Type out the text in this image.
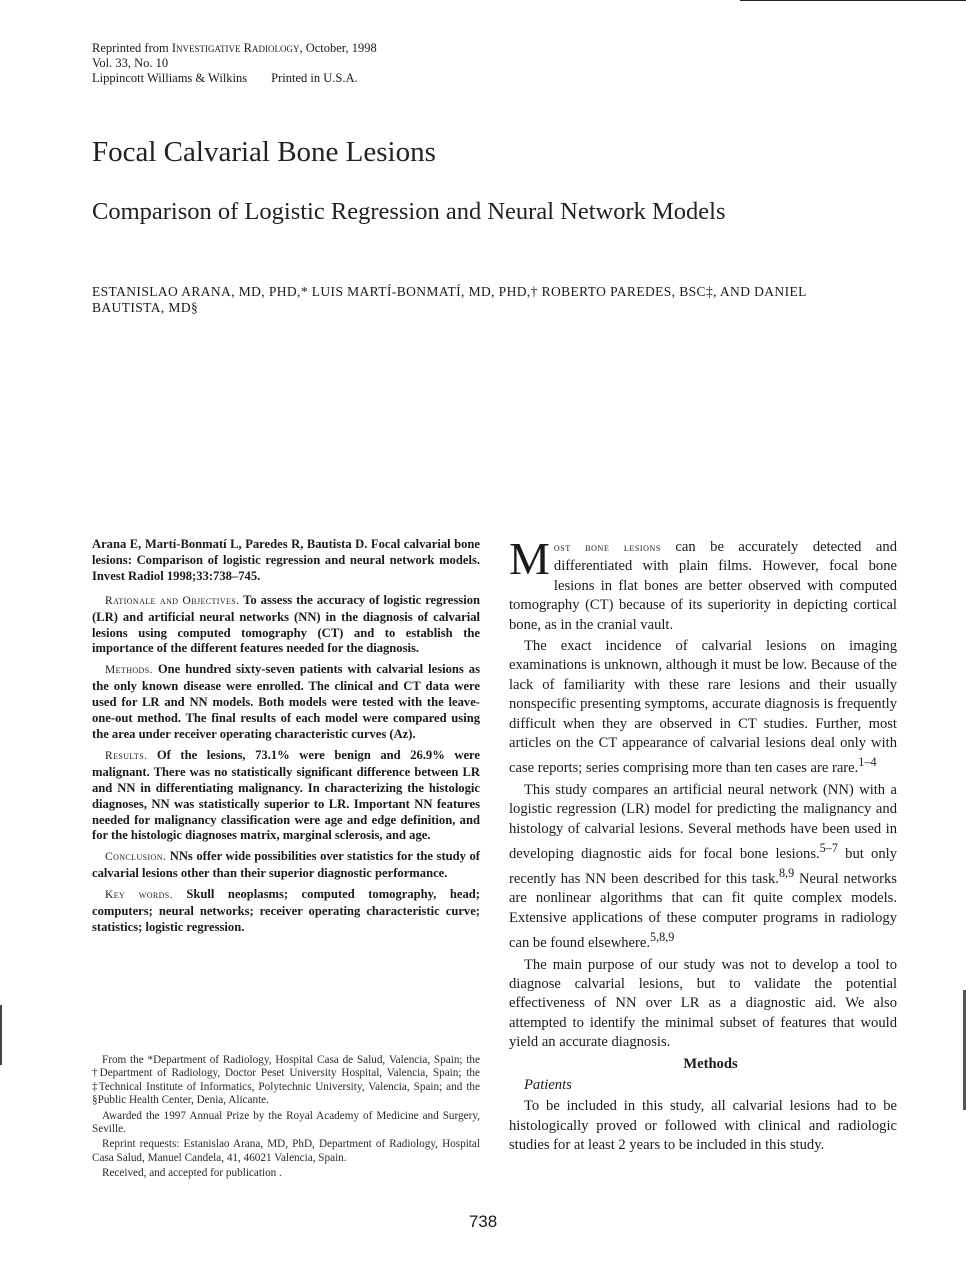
Reprinted from Investigative Radiology, October, 1998
Vol. 33, No. 10
Lippincott Williams & Wilkins Printed in U.S.A.
Focal Calvarial Bone Lesions
Comparison of Logistic Regression and Neural Network Models
ESTANISLAO ARANA, MD, PHD,* LUIS MARTÍ-BONMATÍ, MD, PHD,† ROBERTO PAREDES, BSC‡, AND DANIEL BAUTISTA, MD§

Arana E, Martí-Bonmatí L, Paredes R, Bautista D. Focal calvarial bone lesions: Comparison of logistic regression and neural network models. Invest Radiol 1998;33:738–745.

Rationale and Objectives. To assess the accuracy of logistic regression (LR) and artificial neural networks (NN) in the diagnosis of calvarial lesions using computed tomography (CT) and to establish the importance of the different features needed for the diagnosis.

Methods. One hundred sixty-seven patients with calvarial lesions as the only known disease were enrolled. The clinical and CT data were used for LR and NN models. Both models were tested with the leave-one-out method. The final results of each model were compared using the area under receiver operating characteristic curves (Az).

Results. Of the lesions, 73.1% were benign and 26.9% were malignant. There was no statistically significant difference between LR and NN in differentiating malignancy. In characterizing the histologic diagnoses, NN was statistically superior to LR. Important NN features needed for malignancy classification were age and edge definition, and for the histologic diagnoses matrix, marginal sclerosis, and age.

Conclusion. NNs offer wide possibilities over statistics for the study of calvarial lesions other than their superior diagnostic performance.

Key words. Skull neoplasms; computed tomography, head; computers; neural networks; receiver operating characteristic curve; statistics; logistic regression.

From the *Department of Radiology, Hospital Casa de Salud, Valencia, Spain; the †Department of Radiology, Doctor Peset University Hospital, Valencia, Spain; the ‡Technical Institute of Informatics, Polytechnic University, Valencia, Spain; and the §Public Health Center, Denia, Alicante.

Awarded the 1997 Annual Prize by the Royal Academy of Medicine and Surgery, Seville.

Reprint requests: Estanislao Arana, MD, PhD, Department of Radiology, Hospital Casa Salud, Manuel Candela, 41, 46021 Valencia, Spain.

Received, and accepted for publication .

Most bone lesions can be accurately detected and differentiated with plain films. However, focal bone lesions in flat bones are better observed with computed tomography (CT) because of its superiority in depicting cortical bone, as in the cranial vault.

The exact incidence of calvarial lesions on imaging examinations is unknown, although it must be low. Because of the lack of familiarity with these rare lesions and their usually nonspecific presenting symptoms, accurate diagnosis is frequently difficult when they are observed in CT studies. Further, most articles on the CT appearance of calvarial lesions deal only with case reports; series comprising more than ten cases are rare.$^{1-4}$

This study compares an artificial neural network (NN) with a logistic regression (LR) model for predicting the malignancy and histology of calvarial lesions. Several methods have been used in developing diagnostic aids for focal bone lesions.$^{5-7}$ but only recently has NN been described for this task.$^{8,9}$ Neural networks are nonlinear algorithms that can fit quite complex models. Extensive applications of these computer programs in radiology can be found elsewhere.$^{5,8,9}$

The main purpose of our study was not to develop a tool to diagnose calvarial lesions, but to validate the potential effectiveness of NN over LR as a diagnostic aid. We also attempted to identify the minimal subset of features that would yield an accurate diagnosis.

Methods

Patients

To be included in this study, all calvarial lesions had to be histologically proved or followed with clinical and radiologic studies for at least 2 years to be included in this study.

738
